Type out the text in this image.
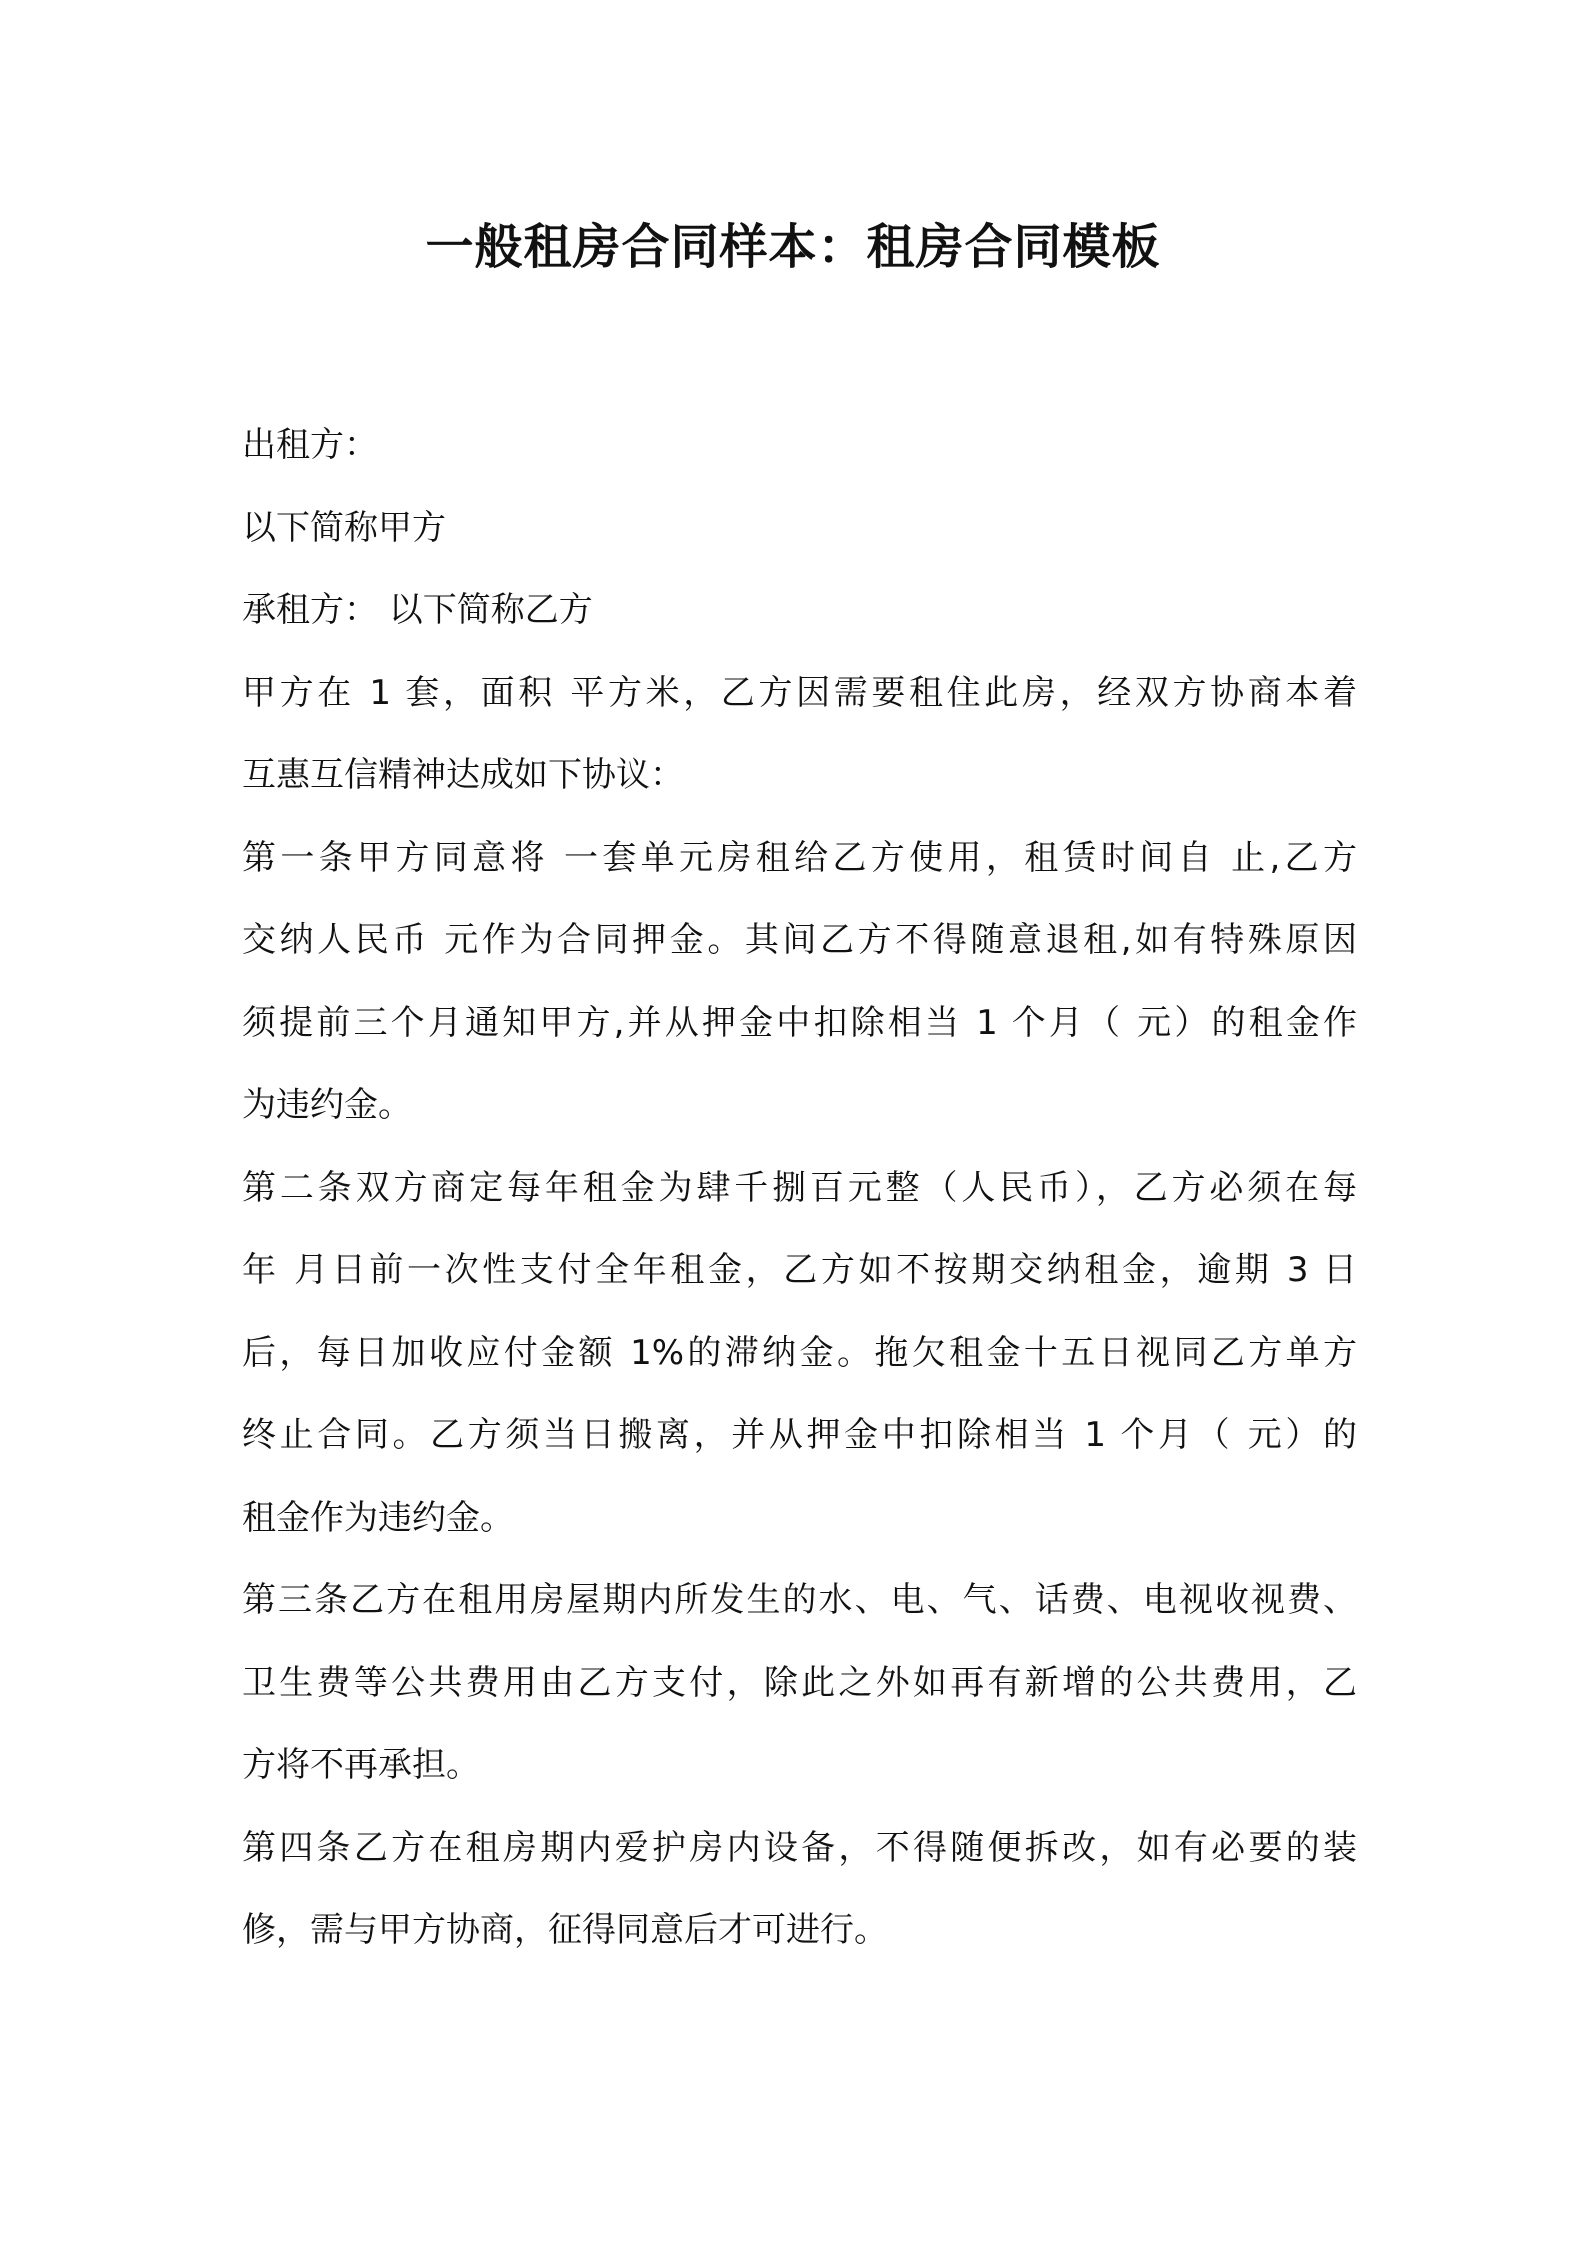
一般租房合同样本：租房合同模板
出租方：
以下简称甲方
承租方： 以下简称乙方
甲方在 1 套，面积 平方米，乙方因需要租住此房，经双方协商本着
互惠互信精神达成如下协议：
第一条甲方同意将 一套单元房租给乙方使用，租赁时间自 止,乙方
交纳人民币 元作为合同押金。其间乙方不得随意退租,如有特殊原因
须提前三个月通知甲方,并从押金中扣除相当 1 个月（ 元）的租金作
为违约金。
第二条双方商定每年租金为肆千捌百元整（人民币），乙方必须在每
年 月日前一次性支付全年租金，乙方如不按期交纳租金，逾期 3 日
后，每日加收应付金额 1%的滞纳金。拖欠租金十五日视同乙方单方
终止合同。乙方须当日搬离，并从押金中扣除相当 1 个月（ 元）的
租金作为违约金。
第三条乙方在租用房屋期内所发生的水、电、气、话费、电视收视费、
卫生费等公共费用由乙方支付，除此之外如再有新增的公共费用，乙
方将不再承担。
第四条乙方在租房期内爱护房内设备，不得随便拆改，如有必要的装
修，需与甲方协商，征得同意后才可进行。
